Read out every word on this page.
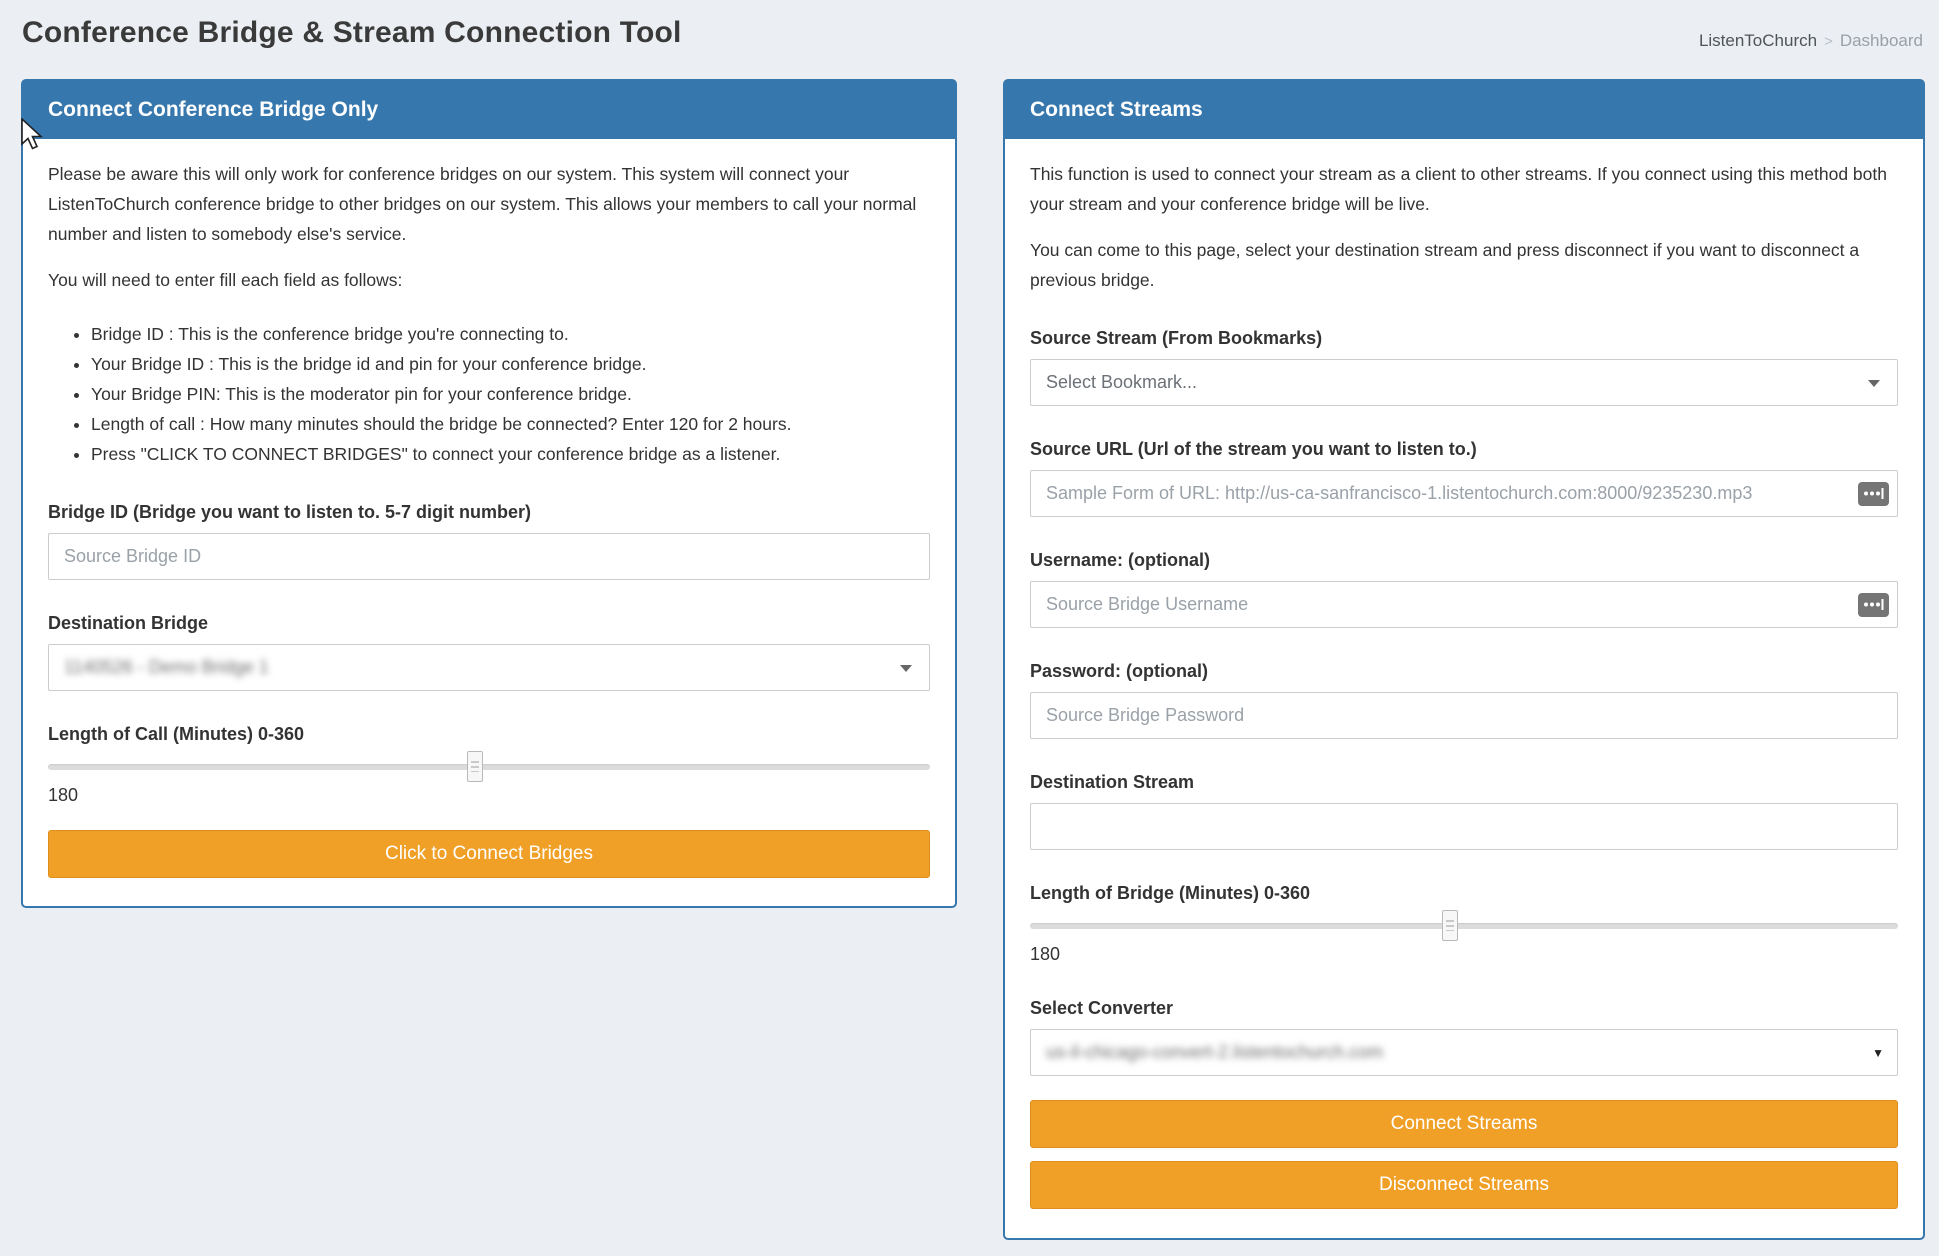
Conference Bridge & Stream Connection Tool	ListenToChurch > Dashboard
Connect Conference Bridge Only

Please be aware this will only work for conference bridges on our system. This system will connect your ListenToChurch conference bridge to other bridges on our system. This allows your members to call your normal number and listen to somebody else's service.

You will need to enter fill each field as follows:

• Bridge ID : This is the conference bridge you're connecting to.
• Your Bridge ID : This is the bridge id and pin for your conference bridge.
• Your Bridge PIN: This is the moderator pin for your conference bridge.
• Length of call : How many minutes should the bridge be connected? Enter 120 for 2 hours.
• Press "CLICK TO CONNECT BRIDGES" to connect your conference bridge as a listener.
Bridge ID (Bridge you want to listen to. 5-7 digit number)
Source Bridge ID
Destination Bridge
1140526 - Demo Bridge 1
Length of Call (Minutes) 0-360
180
Click to Connect Bridges
Connect Streams

This function is used to connect your stream as a client to other streams. If you connect using this method both your stream and your conference bridge will be live.

You can come to this page, select your destination stream and press disconnect if you want to disconnect a previous bridge.

Source Stream (From Bookmarks)
Select Bookmark...
Source URL (Url of the stream you want to listen to.)
Sample Form of URL: http://us-ca-sanfrancisco-1.listentochurch.com:8000/9235230.mp3
Username: (optional)
Source Bridge Username
Password: (optional)
Source Bridge Password
Destination Stream
Length of Bridge (Minutes) 0-360
180
Select Converter
us-il-chicago-convert-2.listentochurch.com	▼
Connect Streams
Disconnect Streams
